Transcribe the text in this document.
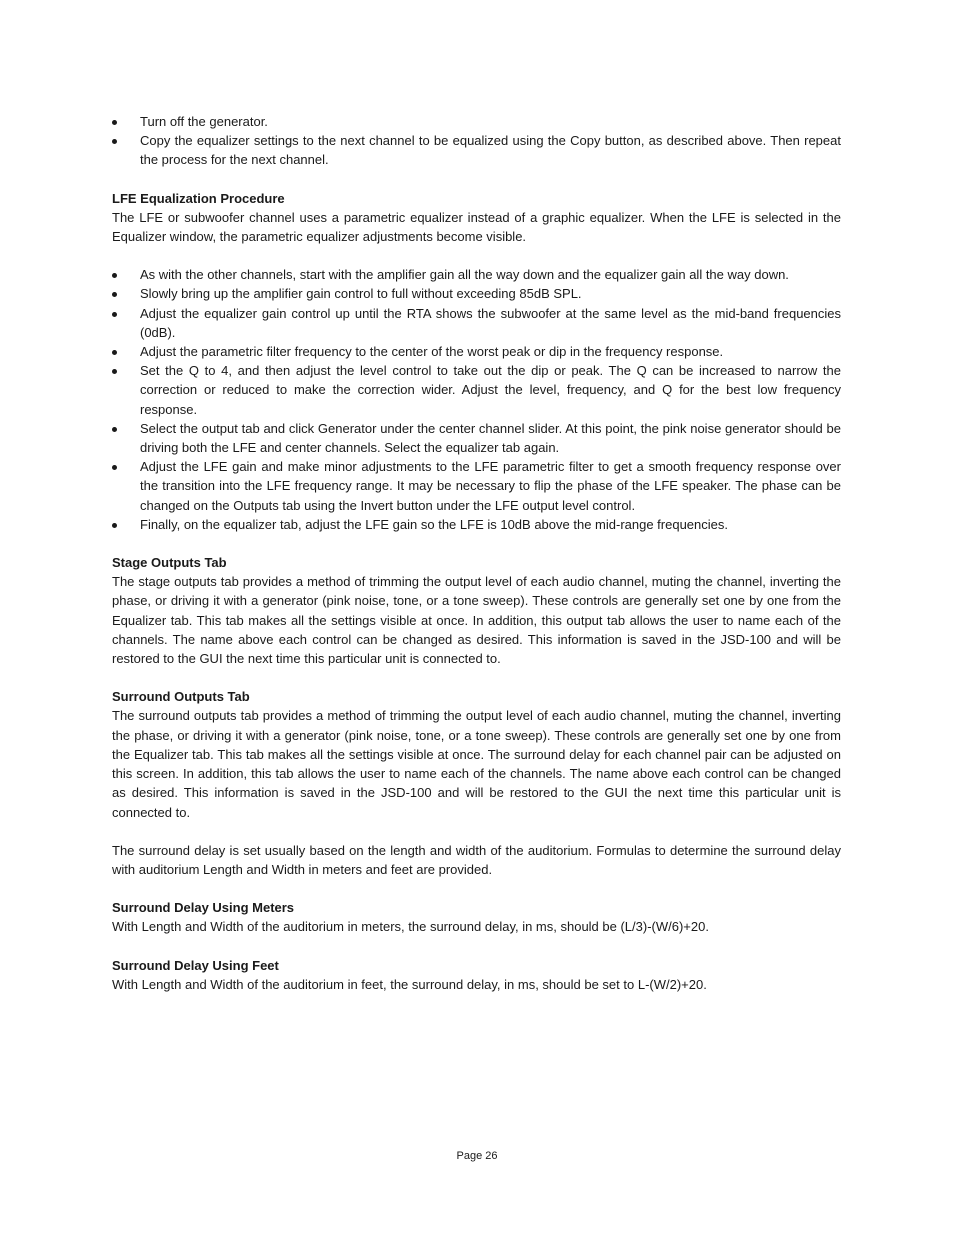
Turn off the generator.
Copy the equalizer settings to the next channel to be equalized using the Copy button, as described above. Then repeat the process for the next channel.

LFE Equalization Procedure

The LFE or subwoofer channel uses a parametric equalizer instead of a graphic equalizer. When the LFE is selected in the Equalizer window, the parametric equalizer adjustments become visible.

As with the other channels, start with the amplifier gain all the way down and the equalizer gain all the way down.
Slowly bring up the amplifier gain control to full without exceeding 85dB SPL.
Adjust the equalizer gain control up until the RTA shows the subwoofer at the same level as the mid-band frequencies (0dB).
Adjust the parametric filter frequency to the center of the worst peak or dip in the frequency response.
Set the Q to 4, and then adjust the level control to take out the dip or peak. The Q can be increased to narrow the correction or reduced to make the correction wider. Adjust the level, frequency, and Q for the best low frequency response.
Select the output tab and click Generator under the center channel slider. At this point, the pink noise generator should be driving both the LFE and center channels. Select the equalizer tab again.
Adjust the LFE gain and make minor adjustments to the LFE parametric filter to get a smooth frequency response over the transition into the LFE frequency range. It may be necessary to flip the phase of the LFE speaker. The phase can be changed on the Outputs tab using the Invert button under the LFE output level control.
Finally, on the equalizer tab, adjust the LFE gain so the LFE is 10dB above the mid-range frequencies.

Stage Outputs Tab

The stage outputs tab provides a method of trimming the output level of each audio channel, muting the channel, inverting the phase, or driving it with a generator (pink noise, tone, or a tone sweep). These controls are generally set one by one from the Equalizer tab. This tab makes all the settings visible at once. In addition, this output tab allows the user to name each of the channels. The name above each control can be changed as desired. This information is saved in the JSD-100 and will be restored to the GUI the next time this particular unit is connected to.

Surround Outputs Tab

The surround outputs tab provides a method of trimming the output level of each audio channel, muting the channel, inverting the phase, or driving it with a generator (pink noise, tone, or a tone sweep). These controls are generally set one by one from the Equalizer tab. This tab makes all the settings visible at once. The surround delay for each channel pair can be adjusted on this screen. In addition, this tab allows the user to name each of the channels. The name above each control can be changed as desired. This information is saved in the JSD-100 and will be restored to the GUI the next time this particular unit is connected to.

The surround delay is set usually based on the length and width of the auditorium. Formulas to determine the surround delay with auditorium Length and Width in meters and feet are provided.

Surround Delay Using Meters

With Length and Width of the auditorium in meters, the surround delay, in ms, should be (L/3)-(W/6)+20.

Surround Delay Using Feet

With Length and Width of the auditorium in feet, the surround delay, in ms, should be set to L-(W/2)+20.

Page 26
